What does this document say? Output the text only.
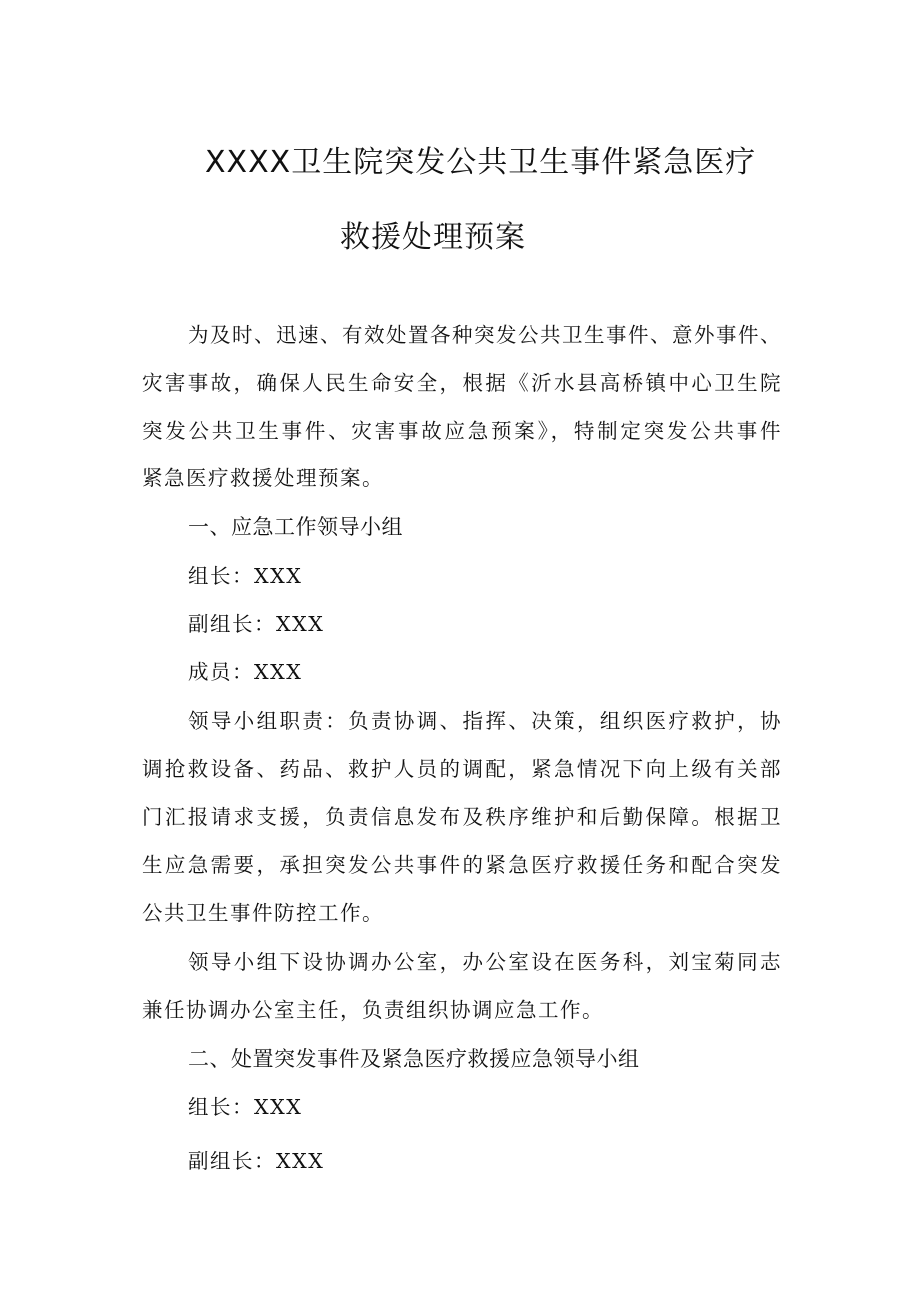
XXXX卫生院突发公共卫生事件紧急医疗
救援处理预案
为及时、迅速、有效处置各种突发公共卫生事件、意外事件、
灾害事故，确保人民生命安全，根据《沂水县高桥镇中心卫生院
突发公共卫生事件、灾害事故应急预案》，特制定突发公共事件
紧急医疗救援处理预案。
一、应急工作领导小组
组长：XXX
副组长：XXX
成员：XXX
领导小组职责：负责协调、指挥、决策，组织医疗救护，协
调抢救设备、药品、救护人员的调配，紧急情况下向上级有关部
门汇报请求支援，负责信息发布及秩序维护和后勤保障。根据卫
生应急需要，承担突发公共事件的紧急医疗救援任务和配合突发
公共卫生事件防控工作。
领导小组下设协调办公室，办公室设在医务科，刘宝菊同志
兼任协调办公室主任，负责组织协调应急工作。
二、处置突发事件及紧急医疗救援应急领导小组
组长：XXX
副组长：XXX
